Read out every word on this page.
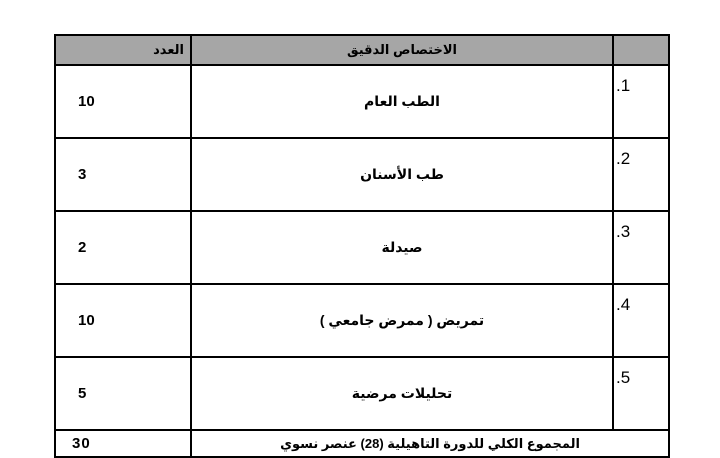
العدد	الاختصاص الدقيق	
10	الطب العام	.1
3	طب الأسنان	.2
2	صيدلة	.3
10	تمريض ( ممرض جامعي )	.4
5	تحليلات مرضية	.5
30	المجموع الكلي للدورة التاهيلية (28) عنصر نسوي	
